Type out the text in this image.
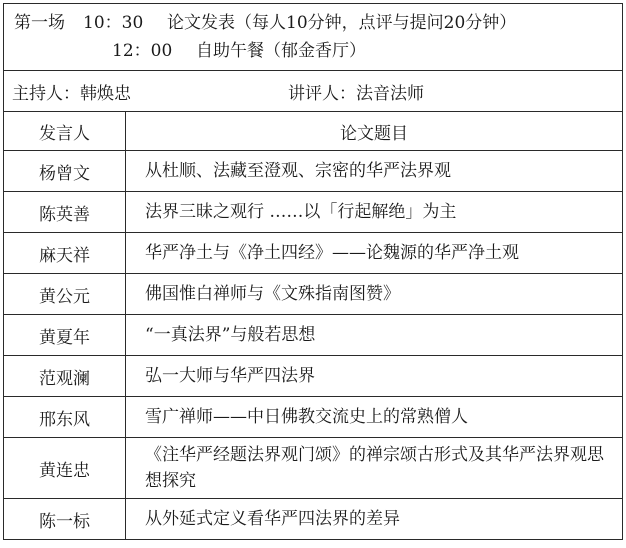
第一场 10：30 论文发表（每人10分钟，点评与提问20分钟）
12：00 自助午餐（郁金香厅）	

主持人：韩焕忠 讲评人：法音法师	
发言人	论文题目
杨曾文	从杜顺、法藏至澄观、宗密的华严法界观
陈英善	法界三昧之观行 ……以「行起解绝」为主
麻天祥	华严净土与《净土四经》——论魏源的华严净土观
黄公元	佛国惟白禅师与《文殊指南图赞》
黄夏年	“一真法界”与般若思想
范观澜	弘一大师与华严四法界
邢东风	雪广禅师——中日佛教交流史上的常熟僧人
黄连忠	《注华严经题法界观门颂》的禅宗颂古形式及其华严法界观思想探究
陈一标	从外延式定义看华严四法界的差异
